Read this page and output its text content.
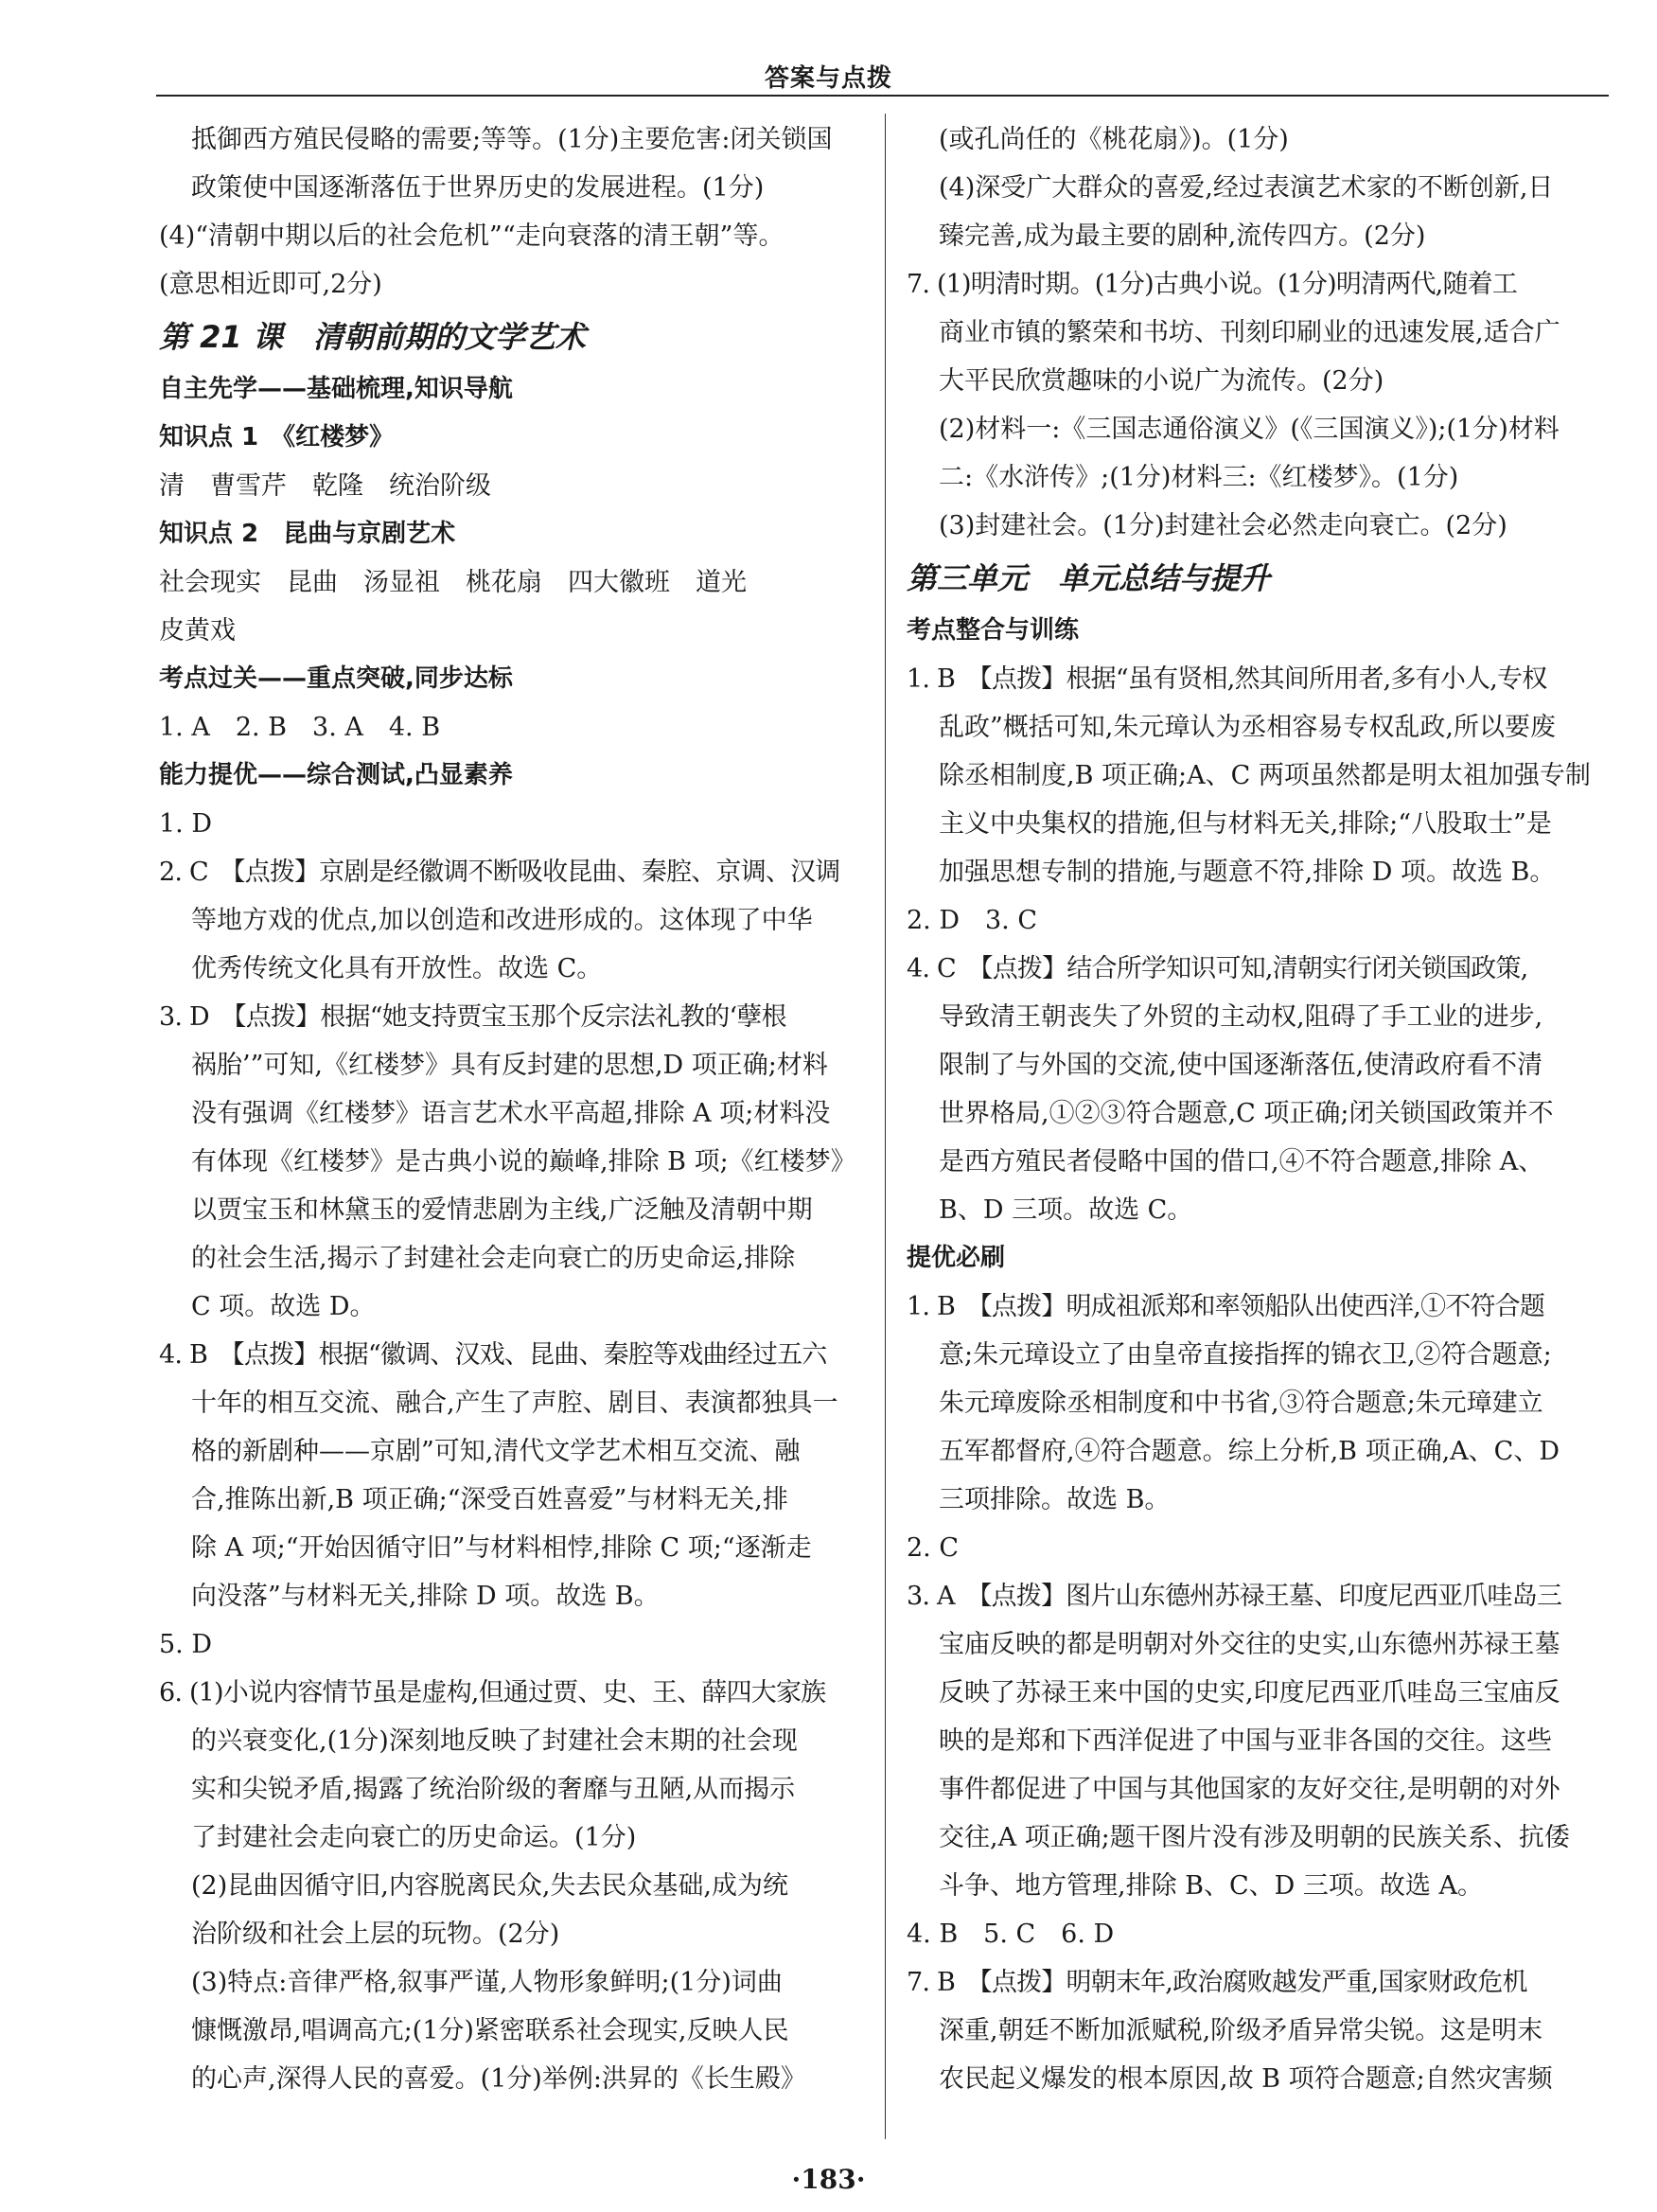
答案与点拨
抵御西方殖民侵略的需要;等等。(1分)主要危害:闭关锁国
政策使中国逐渐落伍于世界历史的发展进程。(1分)
(4)“清朝中期以后的社会危机”“走向衰落的清王朝”等。
(意思相近即可,2分)
第 21 课　清朝前期的文学艺术
自主先学——基础梳理,知识导航
知识点 1　《红楼梦》
清　曹雪芹　乾隆　统治阶级
知识点 2　昆曲与京剧艺术
社会现实　昆曲　汤显祖　桃花扇　四大徽班　道光
皮黄戏
考点过关——重点突破,同步达标
1. A　2. B　3. A　4. B
能力提优——综合测试,凸显素养
1. D
2. C　【点拨】京剧是经徽调不断吸收昆曲、秦腔、京调、汉调
等地方戏的优点,加以创造和改进形成的。这体现了中华
优秀传统文化具有开放性。故选 C。
3. D　【点拨】根据“她支持贾宝玉那个反宗法礼教的‘孽根
祸胎’”可知,《红楼梦》具有反封建的思想,D 项正确;材料
没有强调《红楼梦》语言艺术水平高超,排除 A 项;材料没
有体现《红楼梦》是古典小说的巅峰,排除 B 项;《红楼梦》
以贾宝玉和林黛玉的爱情悲剧为主线,广泛触及清朝中期
的社会生活,揭示了封建社会走向衰亡的历史命运,排除
C 项。故选 D。
4. B　【点拨】根据“徽调、汉戏、昆曲、秦腔等戏曲经过五六
十年的相互交流、融合,产生了声腔、剧目、表演都独具一
格的新剧种——京剧”可知,清代文学艺术相互交流、融
合,推陈出新,B 项正确;“深受百姓喜爱”与材料无关,排
除 A 项;“开始因循守旧”与材料相悖,排除 C 项;“逐渐走
向没落”与材料无关,排除 D 项。故选 B。
5. D
6. (1)小说内容情节虽是虚构,但通过贾、史、王、薛四大家族
的兴衰变化,(1分)深刻地反映了封建社会末期的社会现
实和尖锐矛盾,揭露了统治阶级的奢靡与丑陋,从而揭示
了封建社会走向衰亡的历史命运。(1分)
(2)昆曲因循守旧,内容脱离民众,失去民众基础,成为统
治阶级和社会上层的玩物。(2分)
(3)特点:音律严格,叙事严谨,人物形象鲜明;(1分)词曲
慷慨激昂,唱调高亢;(1分)紧密联系社会现实,反映人民
的心声,深得人民的喜爱。(1分)举例:洪昇的《长生殿》
(或孔尚任的《桃花扇》)。(1分)
(4)深受广大群众的喜爱,经过表演艺术家的不断创新,日
臻完善,成为最主要的剧种,流传四方。(2分)
7. (1)明清时期。(1分)古典小说。(1分)明清两代,随着工
商业市镇的繁荣和书坊、刊刻印刷业的迅速发展,适合广
大平民欣赏趣味的小说广为流传。(2分)
(2)材料一:《三国志通俗演义》(《三国演义》);(1分)材料
二:《水浒传》;(1分)材料三:《红楼梦》。(1分)
(3)封建社会。(1分)封建社会必然走向衰亡。(2分)
第三单元　单元总结与提升
考点整合与训练
1. B　【点拨】根据“虽有贤相,然其间所用者,多有小人,专权
乱政”概括可知,朱元璋认为丞相容易专权乱政,所以要废
除丞相制度,B 项正确;A、C 两项虽然都是明太祖加强专制
主义中央集权的措施,但与材料无关,排除;“八股取士”是
加强思想专制的措施,与题意不符,排除 D 项。故选 B。
2. D　3. C
4. C　【点拨】结合所学知识可知,清朝实行闭关锁国政策,
导致清王朝丧失了外贸的主动权,阻碍了手工业的进步,
限制了与外国的交流,使中国逐渐落伍,使清政府看不清
世界格局,①②③符合题意,C 项正确;闭关锁国政策并不
是西方殖民者侵略中国的借口,④不符合题意,排除 A、
B、D 三项。故选 C。
提优必刷
1. B　【点拨】明成祖派郑和率领船队出使西洋,①不符合题
意;朱元璋设立了由皇帝直接指挥的锦衣卫,②符合题意;
朱元璋废除丞相制度和中书省,③符合题意;朱元璋建立
五军都督府,④符合题意。综上分析,B 项正确,A、C、D
三项排除。故选 B。
2. C
3. A　【点拨】图片山东德州苏禄王墓、印度尼西亚爪哇岛三
宝庙反映的都是明朝对外交往的史实,山东德州苏禄王墓
反映了苏禄王来中国的史实,印度尼西亚爪哇岛三宝庙反
映的是郑和下西洋促进了中国与亚非各国的交往。这些
事件都促进了中国与其他国家的友好交往,是明朝的对外
交往,A 项正确;题干图片没有涉及明朝的民族关系、抗倭
斗争、地方管理,排除 B、C、D 三项。故选 A。
4. B　5. C　6. D
7. B　【点拨】明朝末年,政治腐败越发严重,国家财政危机
深重,朝廷不断加派赋税,阶级矛盾异常尖锐。这是明末
农民起义爆发的根本原因,故 B 项符合题意;自然灾害频
·183·
